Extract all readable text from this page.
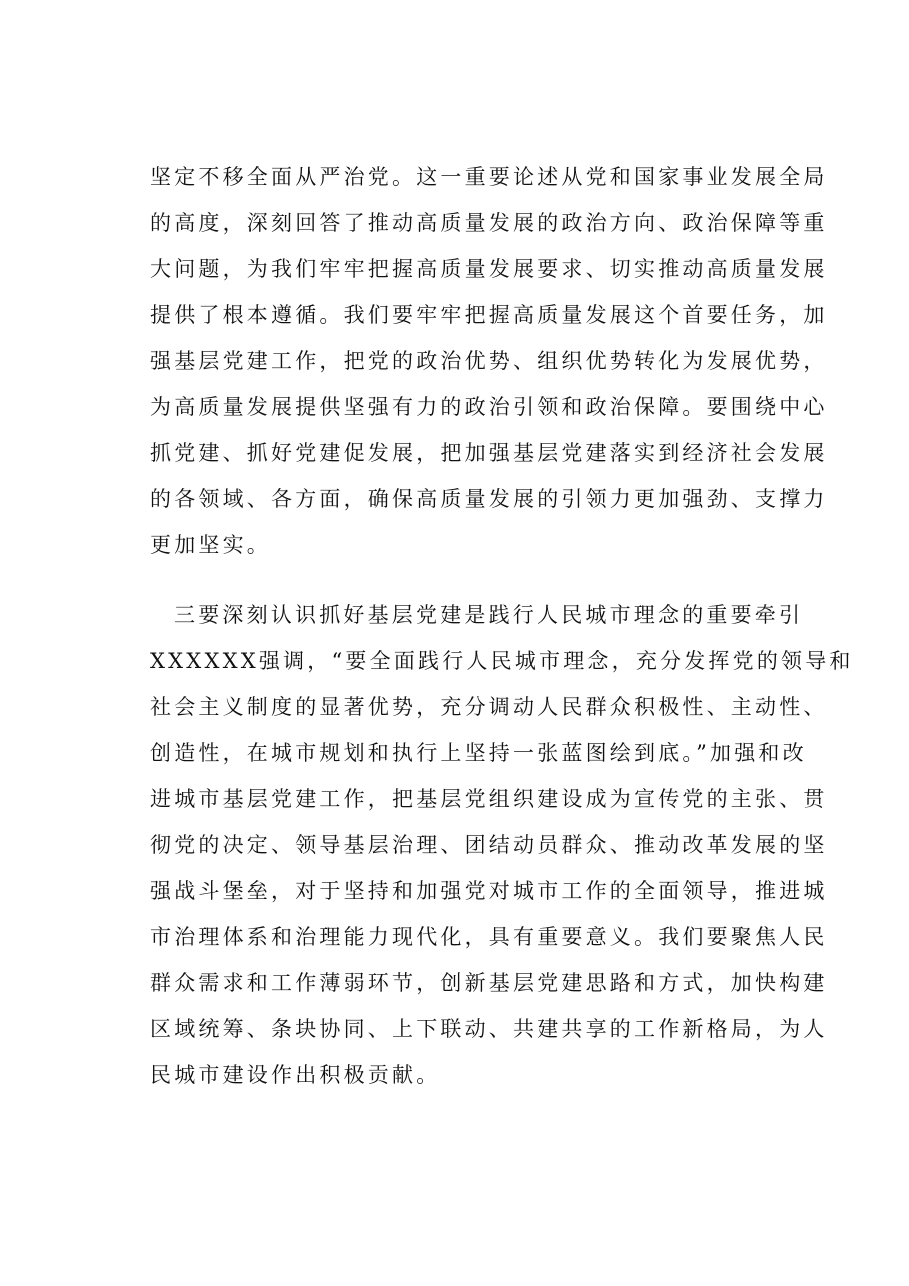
坚定不移全面从严治党。这一重要论述从党和国家事业发展全局
的高度，深刻回答了推动高质量发展的政治方向、政治保障等重
大问题，为我们牢牢把握高质量发展要求、切实推动高质量发展
提供了根本遵循。我们要牢牢把握高质量发展这个首要任务，加
强基层党建工作，把党的政治优势、组织优势转化为发展优势，
为高质量发展提供坚强有力的政治引领和政治保障。要围绕中心
抓党建、抓好党建促发展，把加强基层党建落实到经济社会发展
的各领域、各方面，确保高质量发展的引领力更加强劲、支撑力
更加坚实。
三要深刻认识抓好基层党建是践行人民城市理念的重要牵引
XXXXXX强调，“要全面践行人民城市理念，充分发挥党的领导和
社会主义制度的显著优势，充分调动人民群众积极性、主动性、
创造性，在城市规划和执行上坚持一张蓝图绘到底。”加强和改
进城市基层党建工作，把基层党组织建设成为宣传党的主张、贯
彻党的决定、领导基层治理、团结动员群众、推动改革发展的坚
强战斗堡垒，对于坚持和加强党对城市工作的全面领导，推进城
市治理体系和治理能力现代化，具有重要意义。我们要聚焦人民
群众需求和工作薄弱环节，创新基层党建思路和方式，加快构建
区域统筹、条块协同、上下联动、共建共享的工作新格局，为人
民城市建设作出积极贡献。
